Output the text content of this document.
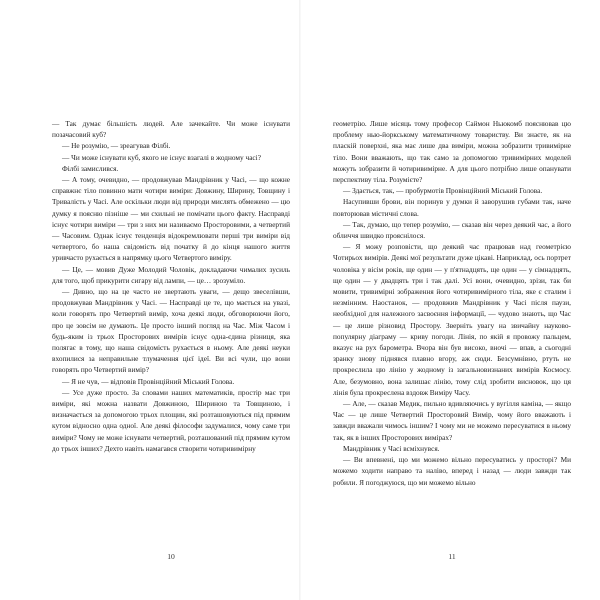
— Так думає більшість людей. Але зачекайте. Чи може існувати позачасовий куб?

— Не розумію, — зреагував Філбі.

— Чи може існувати куб, якого не існує взагалі в жодному часі?

Філбі замислився.

— А тому, очевидно, — продовжував Мандрівник у Часі, — що кожне справжнє тіло повинно мати чотири виміри: Довжину, Ширину, Товщину і Тривалість у Часі. Але оскільки люди від природи мислять обмежено — цю думку я поясню пізніше — ми схильні не помічати цього факту. Насправді існує чотири виміри — три з них ми називаємо Просторовими, а четвертий — Часовим. Однак існує тенденція відокремлювати перші три виміри від четвертого, бо наша свідомість від початку й до кінця нашого життя уривчасто рухається в напрямку цього Четвертого виміру.

— Це, — мовив Дуже Молодий Чоловік, докладаючи чималих зусиль для того, щоб прикурити сигару від лампи, — це… зрозуміло.

— Дивно, що на це часто не звертають уваги, — дещо звеселівши, продовжував Мандрівник у Часі. — Насправді це те, що мається на увазі, коли говорять про Четвертий вимір, хоча деякі люди, обговорюючи його, про це зовсім не думають. Це просто інший погляд на Час. Між Часом і будь-яким із трьох Просторових вимірів існує одна-єдина різниця, яка полягає в тому, що наша свідомість рухається в ньому. Але деякі неуки вхопилися за неправильне тлумачення цієї ідеї. Ви всі чули, що вони говорять про Четвертий вимір?

— Я не чув, — відповів Провінційний Міський Голова.

— Усе дуже просто. За словами наших математиків, простір має три виміри, які можна назвати Довжиною, Шириною та Товщиною, і визначається за допомогою трьох площин, які розташовуються під прямим кутом відносно одна одної. Але деякі філософи задумалися, чому саме три виміри? Чому не може існувати четвертий, розташований під прямим кутом до трьох інших? Дехто навіть намагався створити чотиривимірну

10

геометрію. Лише місяць тому професор Саймон Ньюкомб пояснював цю проблему нью-йоркському математичному товариству. Ви знаєте, як на пласкій поверхні, яка має лише два виміри, можна зобразити тривимірне тіло. Вони вважають, що так само за допомогою тривимірних моделей можуть зобразити й чотиривимірне. А для цього потрібно лише опанувати перспективу тіла. Розумієте?

— Здається, так, — пробурмотів Провінційний Міський Голова.

Насупивши брови, він поринув у думки й заворушив губами так, наче повторював містичні слова.

— Так, думаю, що тепер розумію, — сказав він через деякий час, а його обличчя швидко прояснілося.

— Я можу розповісти, що деякий час працював над геометрією Чотирьох вимірів. Деякі мої результати дуже цікаві. Наприклад, ось портрет чоловіка у вісім років, ще один — у п'ятнадцять, ще один — у сімнадцять, ще один — у двадцять три і так далі. Усі вони, очевидно, зрізи, так би мовити, тривимірні зображення його чотиривимірного тіла, яке є сталим і незмінним. Наостанок, — продовжив Мандрівник у Часі після паузи, необхідної для належного засвоєння інформації, — чудово знають, що Час — це лише різновид Простору. Зверніть увагу на звичайну науково-популярну діаграму — криву погоди. Лінія, по якій я провожу пальцем, вказує на рух барометра. Вчора він був високо, вночі — впав, а сьогодні зранку знову піднявся плавно вгору, аж сюди. Безсумнівно, ртуть не прокреслила цю лінію у жодному із загальновизнаних вимірів Космосу. Але, безумовно, вона залишає лінію, тому слід зробити висновок, що ця лінія була прокреслена вздовж Виміру Часу.

— Але, — сказав Медик, пильно вдивляючись у вугілля каміна, — якщо Час — це лише Четвертий Просторовий Вимір, чому його вважають і завжди вважали чимось іншим? І чому ми не можемо пересуватися в ньому так, як в інших Просторових вимірах?

Мандрівник у Часі всміхнувся.

— Ви впевнені, що ми можемо вільно пересуватись у просторі? Ми можемо ходити направо та наліво, вперед і назад — люди завжди так робили. Я погоджуюся, що ми можемо вільно

11
